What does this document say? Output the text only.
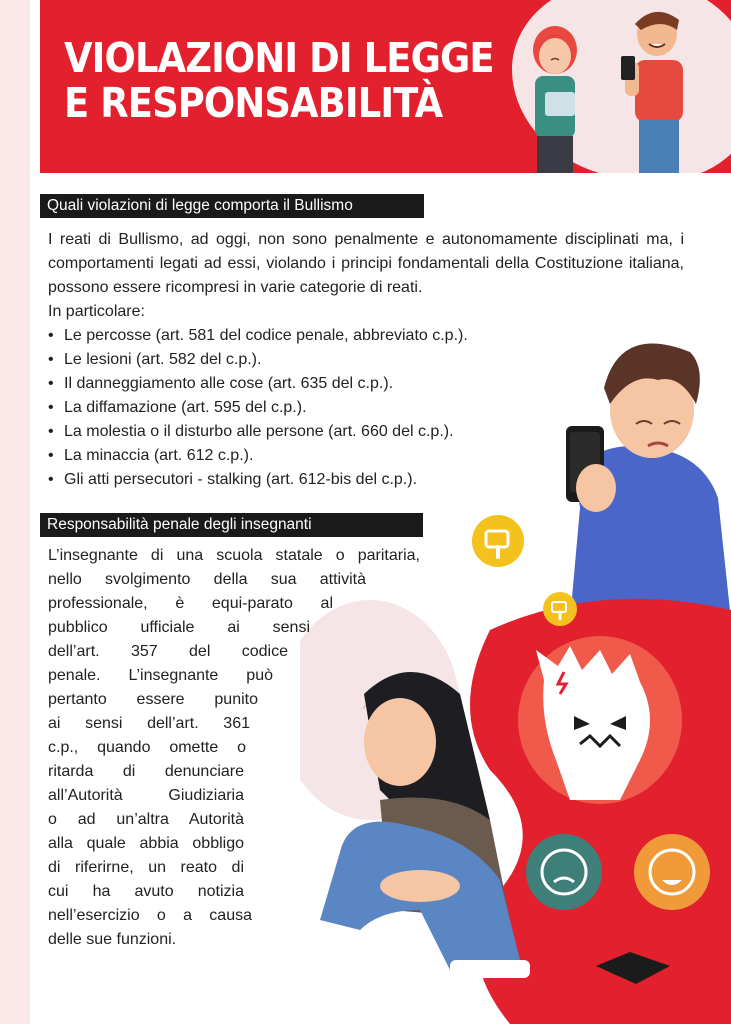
VIOLAZIONI DI LEGGE
E RESPONSABILITÀ
Quali violazioni di legge comporta il Bullismo

I reati di Bullismo, ad oggi, non sono penalmente e autonomamente disciplinati ma, i comportamenti legati ad essi, violando i principi fondamentali della Costituzione italiana, possono essere ricompresi in varie categorie di reati.

In particolare:

• Le percosse (art. 581 del codice penale, abbreviato c.p.).
• Le lesioni (art. 582 del c.p.).
• Il danneggiamento alle cose (art. 635 del c.p.).
• La diffamazione (art. 595 del c.p.).
• La molestia o il disturbo alle persone (art. 660 del c.p.).
• La minaccia (art. 612 c.p.).
• Gli atti persecutori - stalking (art. 612-bis del c.p.).
Responsabilità penale degli insegnanti
L’insegnante di una scuola statale o paritaria,
nello svolgimento della sua attività
professionale, è equi-parato al
pubblico ufficiale ai sensi
dell’art. 357 del codice
penale. L’insegnante può
pertanto essere punito
ai sensi dell’art. 361
c.p., quando omette o
ritarda di denunciare
all’Autorità Giudiziaria
o ad un’altra Autorità
alla quale abbia obbligo
di riferirne, un reato di
cui ha avuto notizia
nell’esercizio o a causa
delle sue funzioni.
